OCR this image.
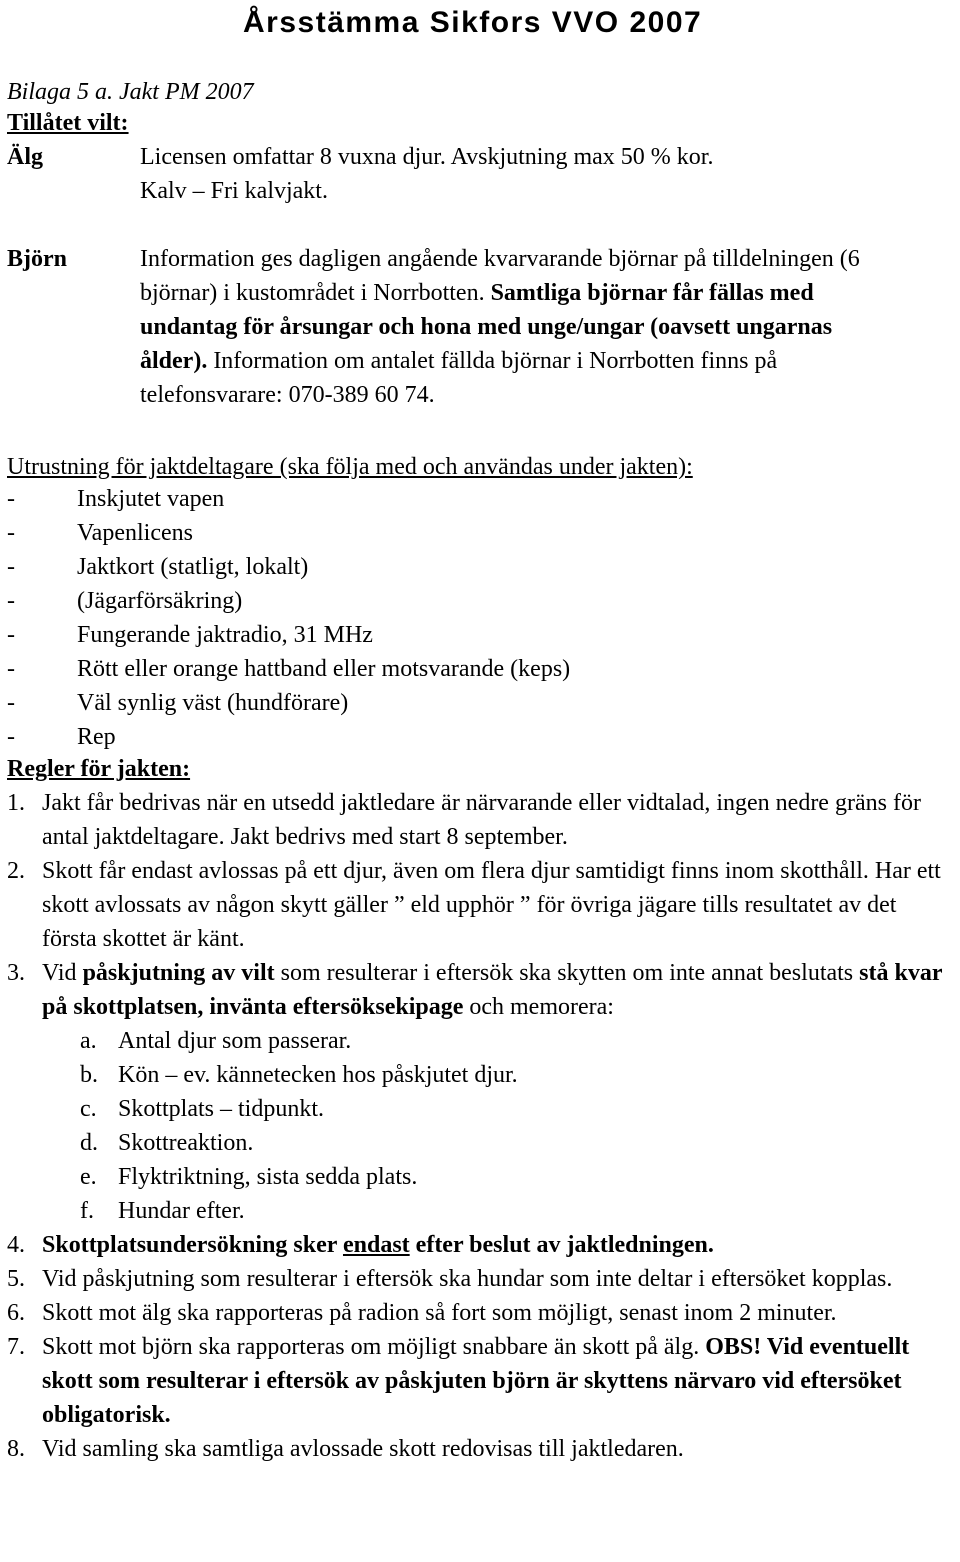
Årsstämma Sikfors VVO 2007
Bilaga 5 a. Jakt PM 2007
Tillåtet vilt:
Älg	Licensen omfattar 8 vuxna djur. Avskjutning max 50 % kor.
Kalv – Fri kalvjakt.
Björn	Information ges dagligen angående kvarvarande björnar på tilldelningen (6 björnar) i kustområdet i Norrbotten. Samtliga björnar får fällas med undantag för årsungar och hona med unge/ungar (oavsett ungarnas ålder). Information om antalet fällda björnar i Norrbotten finns på telefonsvarare: 070-389 60 74.
Utrustning för jaktdeltagare (ska följa med och användas under jakten):
- Inskjutet vapen
- Vapenlicens
- Jaktkort (statligt, lokalt)
- (Jägarförsäkring)
- Fungerande jaktradio, 31 MHz
- Rött eller orange hattband eller motsvarande (keps)
- Väl synlig väst (hundförare)
- Rep
Regler för jakten:
1. Jakt får bedrivas när en utsedd jaktledare är närvarande eller vidtalad, ingen nedre gräns för antal jaktdeltagare. Jakt bedrivs med start 8 september.
2. Skott får endast avlossas på ett djur, även om flera djur samtidigt finns inom skotthåll. Har ett skott avlossats av någon skytt gäller ” eld upphör ” för övriga jägare tills resultatet av det första skottet är känt.
3. Vid påskjutning av vilt som resulterar i eftersök ska skytten om inte annat beslutats stå kvar på skottplatsen, invänta eftersöksekipage och memorera:
a. Antal djur som passerar.
b. Kön – ev. kännetecken hos påskjutet djur.
c. Skottplats – tidpunkt.
d. Skottreaktion.
e. Flyktriktning, sista sedda plats.
f. Hundar efter.
4. Skottplatsundersökning sker endast efter beslut av jaktledningen.
5. Vid påskjutning som resulterar i eftersök ska hundar som inte deltar i eftersöket kopplas.
6. Skott mot älg ska rapporteras på radion så fort som möjligt, senast inom 2 minuter.
7. Skott mot björn ska rapporteras om möjligt snabbare än skott på älg. OBS! Vid eventuellt skott som resulterar i eftersök av påskjuten björn är skyttens närvaro vid eftersöket obligatorisk.
8. Vid samling ska samtliga avlossade skott redovisas till jaktledaren.
